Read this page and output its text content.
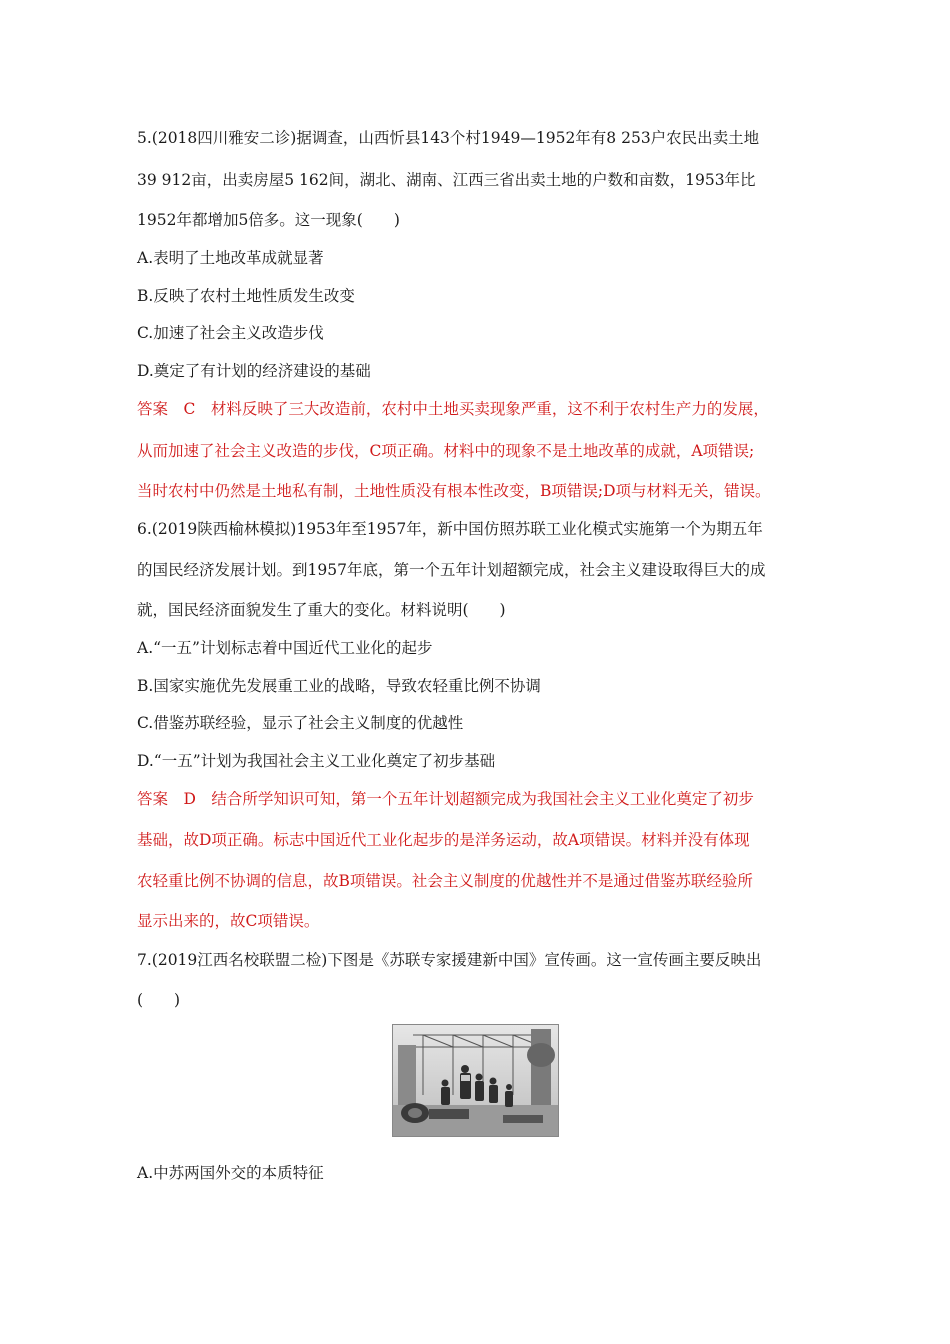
5.(2018四川雅安二诊)据调查，山西忻县143个村1949—1952年有8 253户农民出卖土地

39 912亩，出卖房屋5 162间，湖北、湖南、江西三省出卖土地的户数和亩数，1953年比

1952年都增加5倍多。这一现象(　　)

A.表明了土地改革成就显著

B.反映了农村土地性质发生改变

C.加速了社会主义改造步伐

D.奠定了有计划的经济建设的基础

答案　C　材料反映了三大改造前，农村中土地买卖现象严重，这不利于农村生产力的发展，

从而加速了社会主义改造的步伐，C项正确。材料中的现象不是土地改革的成就，A项错误;

当时农村中仍然是土地私有制，土地性质没有根本性改变，B项错误;D项与材料无关，错误。

6.(2019陕西榆林模拟)1953年至1957年，新中国仿照苏联工业化模式实施第一个为期五年

的国民经济发展计划。到1957年底，第一个五年计划超额完成，社会主义建设取得巨大的成

就，国民经济面貌发生了重大的变化。材料说明(　　)

A.“一五”计划标志着中国近代工业化的起步

B.国家实施优先发展重工业的战略，导致农轻重比例不协调

C.借鉴苏联经验，显示了社会主义制度的优越性

D.“一五”计划为我国社会主义工业化奠定了初步基础

答案　D　结合所学知识可知，第一个五年计划超额完成为我国社会主义工业化奠定了初步

基础，故D项正确。标志中国近代工业化起步的是洋务运动，故A项错误。材料并没有体现

农轻重比例不协调的信息，故B项错误。社会主义制度的优越性并不是通过借鉴苏联经验所

显示出来的，故C项错误。

7.(2019江西名校联盟二检)下图是《苏联专家援建新中国》宣传画。这一宣传画主要反映出

(　　)

A.中苏两国外交的本质特征
